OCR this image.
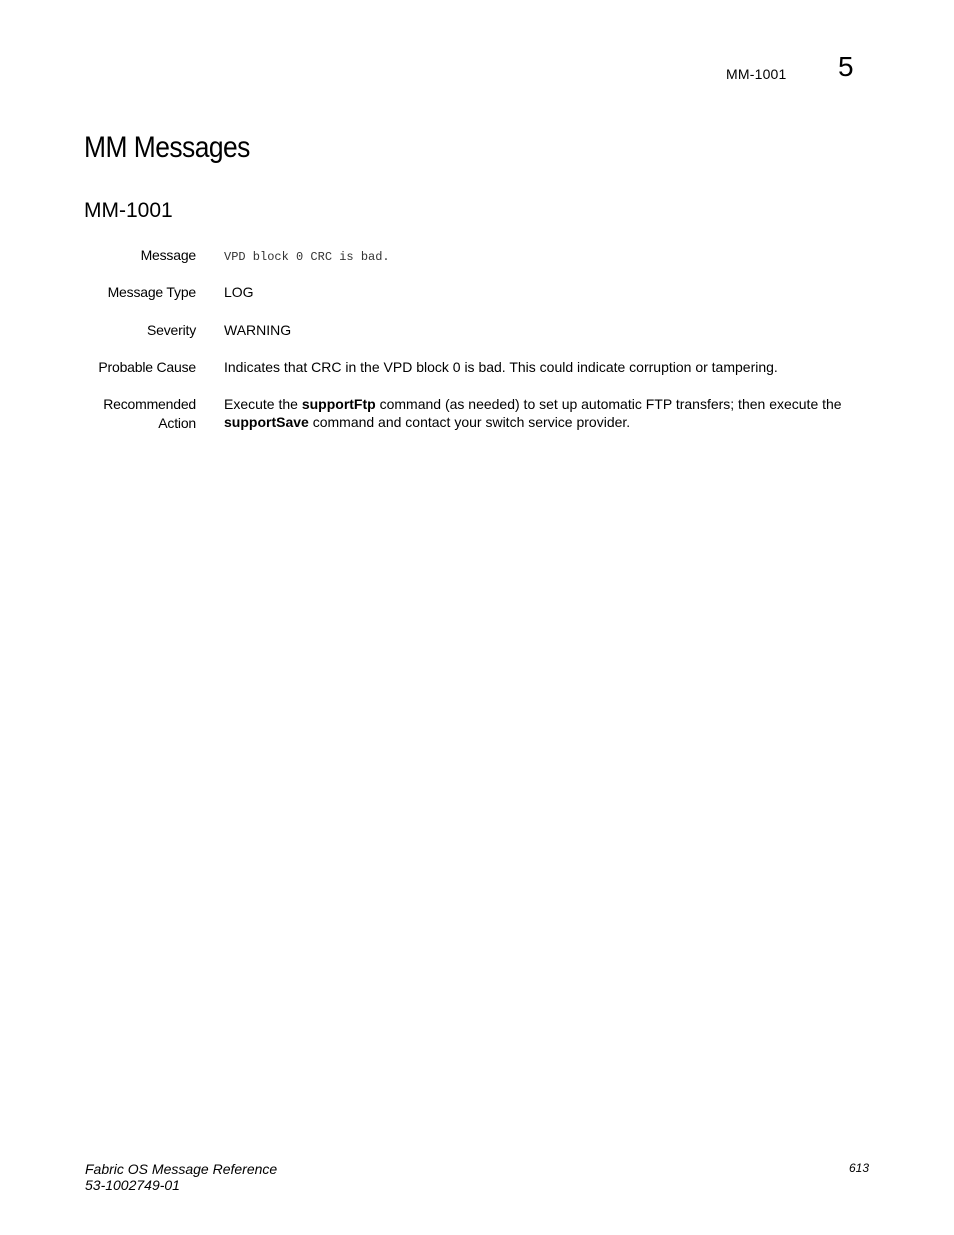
MM-1001 5
MM Messages
MM-1001
Message VPD block 0 CRC is bad.
Message Type LOG
Severity WARNING
Probable Cause Indicates that CRC in the VPD block 0 is bad. This could indicate corruption or tampering.
Recommended
Action
Execute the supportFtp command (as needed) to set up automatic FTP transfers; then execute the supportSave command and contact your switch service provider.
Fabric OS Message Reference
53-1002749-01
613
